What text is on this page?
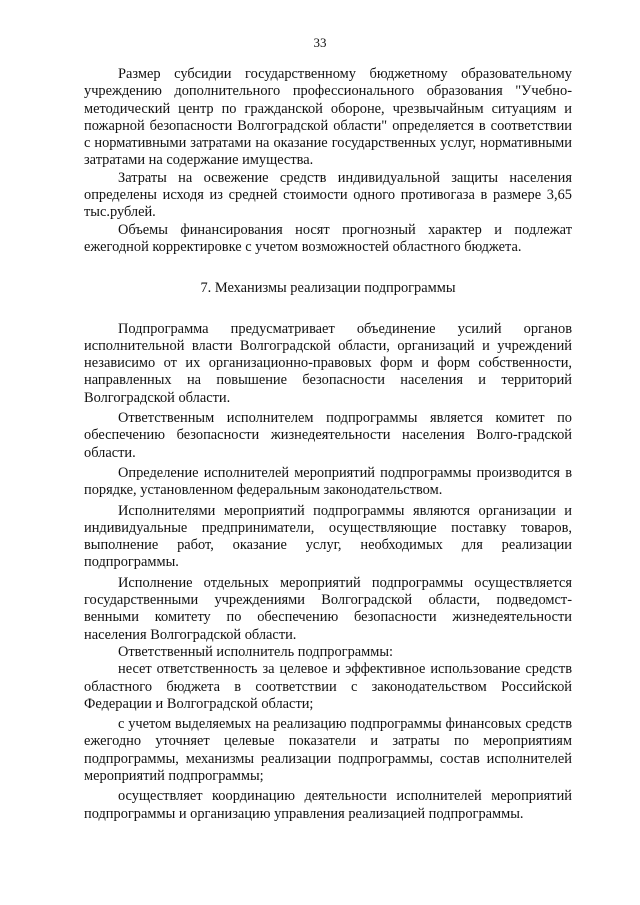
33

Размер субсидии государственному бюджетному образовательному учреждению дополнительного профессионального образования "Учебно-методический центр по гражданской обороне, чрезвычайным ситуациям и пожарной безопасности Волгоградской области" определяется в соответствии с нормативными затратами на оказание государственных услуг, нормативными затратами на содержание имущества.

Затраты на освежение средств индивидуальной защиты населения определены исходя из средней стоимости одного противогаза в размере 3,65 тыс.рублей.

Объемы финансирования носят прогнозный характер и подлежат ежегодной корректировке с учетом возможностей областного бюджета.

7. Механизмы реализации подпрограммы

Подпрограмма предусматривает объединение усилий органов исполнительной власти Волгоградской области, организаций и учреждений независимо от их организационно-правовых форм и форм собственности, направленных на повышение безопасности населения и территорий Волгоградской области.

Ответственным исполнителем подпрограммы является комитет по обеспечению безопасности жизнедеятельности населения Волго-градской области.

Определение исполнителей мероприятий подпрограммы производится в порядке, установленном федеральным законодательством.

Исполнителями мероприятий подпрограммы являются организации и индивидуальные предприниматели, осуществляющие поставку товаров, выполнение работ, оказание услуг, необходимых для реализации подпрограммы.

Исполнение отдельных мероприятий подпрограммы осуществляется государственными учреждениями Волгоградской области, подведомст-венными комитету по обеспечению безопасности жизнедеятельности населения Волгоградской области.

Ответственный исполнитель подпрограммы:

несет ответственность за целевое и эффективное использование средств областного бюджета в соответствии с законодательством Российской Федерации и Волгоградской области;

с учетом выделяемых на реализацию подпрограммы финансовых средств ежегодно уточняет целевые показатели и затраты по мероприятиям подпрограммы, механизмы реализации подпрограммы, состав исполнителей мероприятий подпрограммы;

осуществляет координацию деятельности исполнителей мероприятий подпрограммы и организацию управления реализацией подпрограммы.
